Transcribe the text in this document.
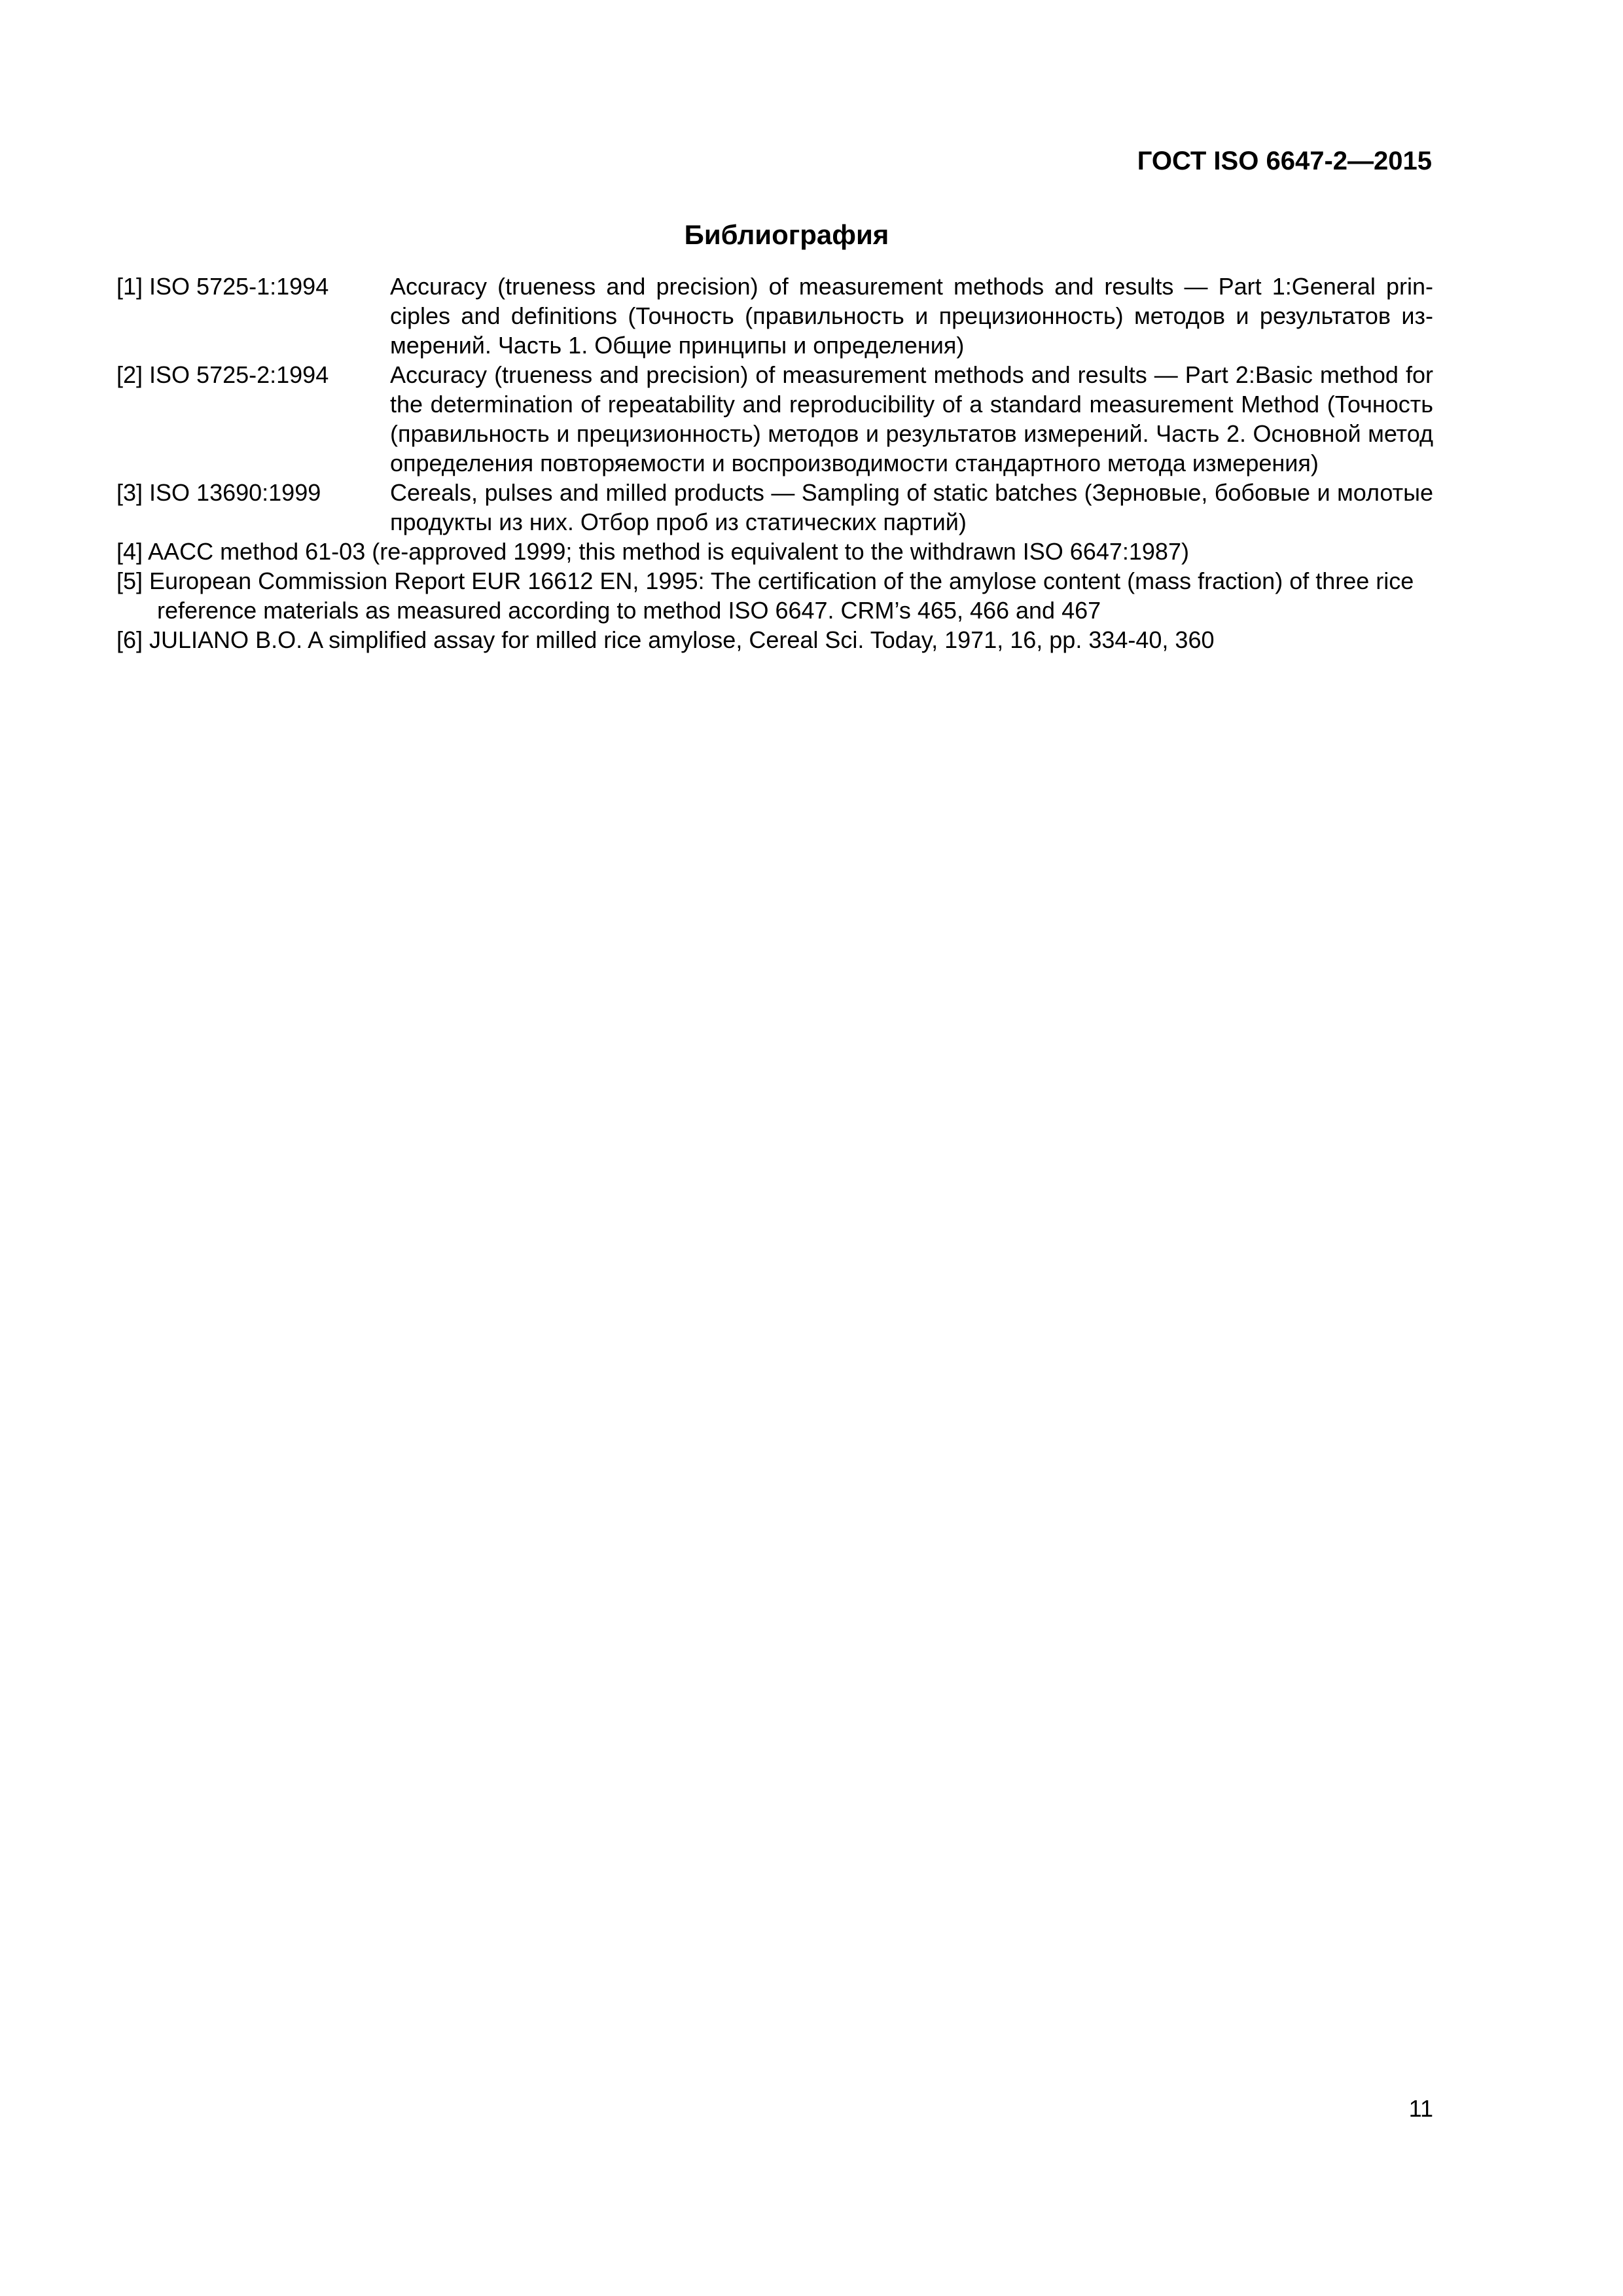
ГОСТ ISO 6647-2—2015
Библиография
[1] ISO 5725-1:1994	Accuracy (trueness and precision) of measurement methods and results — Part 1:General principles and definitions (Точность (правильность и прецизионность) методов и результатов измерений. Часть 1. Общие принципы и определения)
[2] ISO 5725-2:1994	Accuracy (trueness and precision) of measurement methods and results — Part 2:Basic method for the determination of repeatability and reproducibility of a standard measurement Method (Точность (правильность и прецизионность) методов и результатов измерений. Часть 2. Основной метод определения повторяемости и воспроизводимости стандартного метода измерения)
[3] ISO 13690:1999	Cereals, pulses and milled products — Sampling of static batches (Зерновые, бобовые и молотые продукты из них. Отбор проб из статических партий)
[4] AACC method 61-03 (re-approved 1999; this method is equivalent to the withdrawn ISO 6647:1987)
[5] European Commission Report EUR 16612 EN, 1995: The certification of the amylose content (mass fraction) of three rice reference materials as measured according to method ISO 6647. CRM’s 465, 466 and 467
[6] JULIANO B.O. A simplified assay for milled rice amylose, Cereal Sci. Today, 1971, 16, pp. 334-40, 360
11
